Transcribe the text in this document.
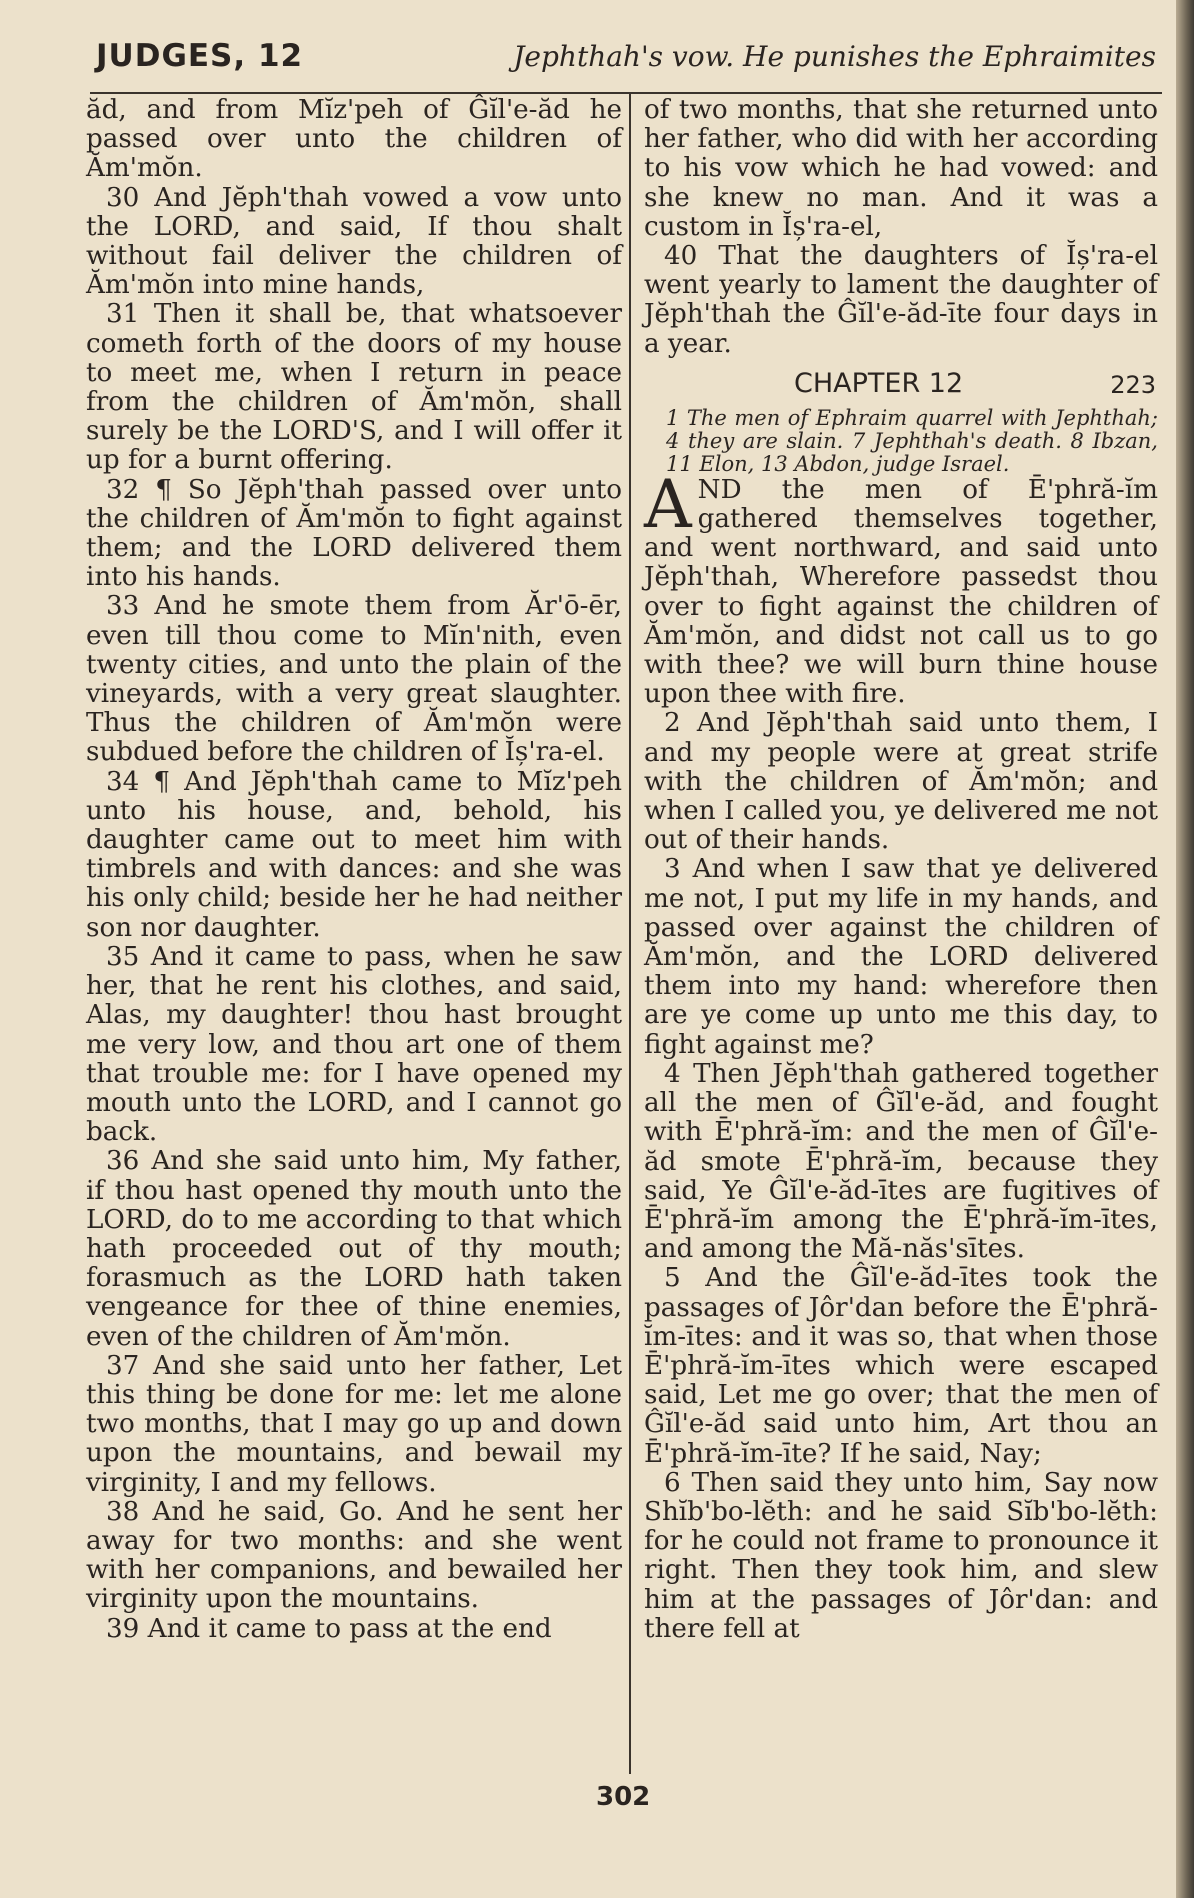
JUDGES, 12	Jephthah's vow. He punishes the Ephraimites

ăd, and from Mĭz'peh of Ĝĭl'e-ăd he passed over unto the children of Ăm'mŏn.

30 And Jĕph'thah vowed a vow unto the LORD, and said, If thou shalt without fail deliver the children of Ăm'mŏn into mine hands,

31 Then it shall be, that whatsoever cometh forth of the doors of my house to meet me, when I return in peace from the children of Ăm'mŏn, shall surely be the LORD'S, and I will offer it up for a burnt offering.

32 ¶ So Jĕph'thah passed over unto the children of Ăm'mŏn to fight against them; and the LORD delivered them into his hands.

33 And he smote them from Ăr'ō-ēr, even till thou come to Mĭn'nith, even twenty cities, and unto the plain of the vineyards, with a very great slaughter. Thus the children of Ăm'mŏn were subdued before the children of Ĭș'ra-el.

34 ¶ And Jĕph'thah came to Mĭz'peh unto his house, and, behold, his daughter came out to meet him with timbrels and with dances: and she was his only child; beside her he had neither son nor daughter.

35 And it came to pass, when he saw her, that he rent his clothes, and said, Alas, my daughter! thou hast brought me very low, and thou art one of them that trouble me: for I have opened my mouth unto the LORD, and I cannot go back.

36 And she said unto him, My father, if thou hast opened thy mouth unto the LORD, do to me according to that which hath proceeded out of thy mouth; forasmuch as the LORD hath taken vengeance for thee of thine enemies, even of the children of Ăm'mŏn.

37 And she said unto her father, Let this thing be done for me: let me alone two months, that I may go up and down upon the mountains, and bewail my virginity, I and my fellows.

38 And he said, Go. And he sent her away for two months: and she went with her companions, and bewailed her virginity upon the mountains.

39 And it came to pass at the end

of two months, that she returned unto her father, who did with her according to his vow which he had vowed: and she knew no man. And it was a custom in Ĭș'ra-el,

40 That the daughters of Ĭș'ra-el went yearly to lament the daughter of Jĕph'thah the Ĝĭl'e-ăd-īte four days in a year.

CHAPTER 12	223

1 The men of Ephraim quarrel with Jephthah; 4 they are slain. 7 Jephthah's death. 8 Ibzan, 11 Elon, 13 Abdon, judge Israel.

AND the men of Ē'phră-ĭm gathered themselves together, and went northward, and said unto Jĕph'thah, Wherefore passedst thou over to fight against the children of Ăm'mŏn, and didst not call us to go with thee? we will burn thine house upon thee with fire.

2 And Jĕph'thah said unto them, I and my people were at great strife with the children of Ăm'mŏn; and when I called you, ye delivered me not out of their hands.

3 And when I saw that ye delivered me not, I put my life in my hands, and passed over against the children of Ăm'mŏn, and the LORD delivered them into my hand: wherefore then are ye come up unto me this day, to fight against me?

4 Then Jĕph'thah gathered together all the men of Ĝĭl'e-ăd, and fought with Ē'phră-ĭm: and the men of Ĝĭl'e-ăd smote Ē'phră-ĭm, because they said, Ye Ĝĭl'e-ăd-ītes are fugitives of Ē'phră-ĭm among the Ē'phră-ĭm-ītes, and among the Mă-năs'sītes.

5 And the Ĝĭl'e-ăd-ītes took the passages of Jôr'dan before the Ē'phră-ĭm-ītes: and it was so, that when those Ē'phră-ĭm-ītes which were escaped said, Let me go over; that the men of Ĝĭl'e-ăd said unto him, Art thou an Ē'phră-ĭm-īte? If he said, Nay;

6 Then said they unto him, Say now Shĭb'bo-lĕth: and he said Sĭb'bo-lĕth: for he could not frame to pronounce it right. Then they took him, and slew him at the passages of Jôr'dan: and there fell at

302
